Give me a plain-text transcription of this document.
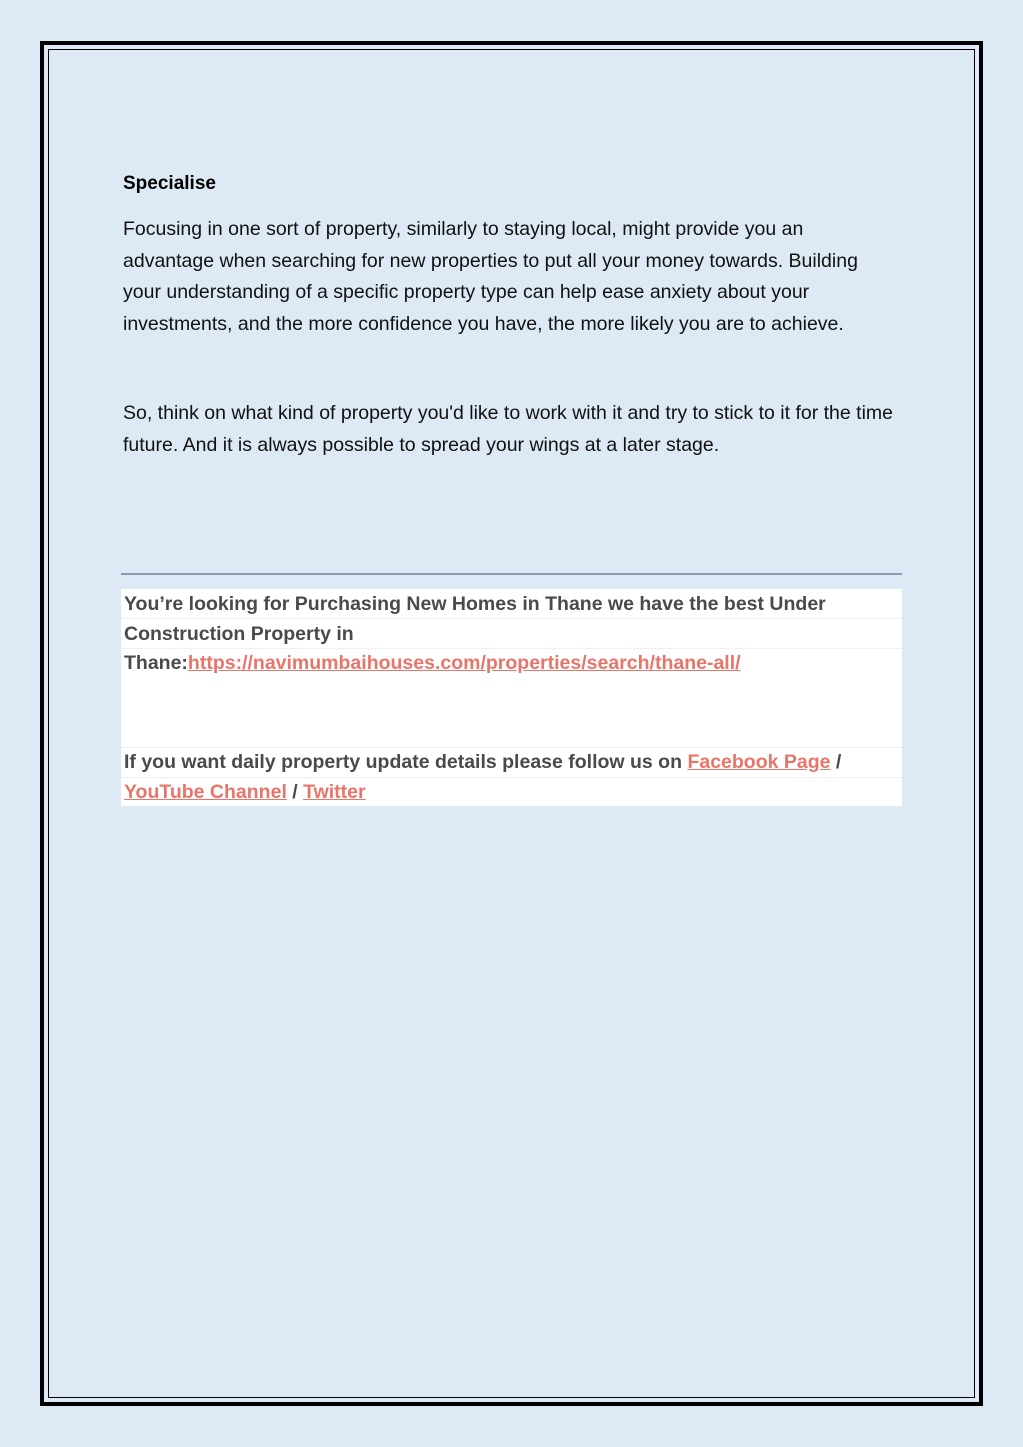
Specialise

Focusing in one sort of property, similarly to staying local, might provide you an advantage when searching for new properties to put all your money towards. Building your understanding of a specific property type can help ease anxiety about your investments, and the more confidence you have, the more likely you are to achieve.

So, think on what kind of property you'd like to work with it and try to stick to it for the time future. And it is always possible to spread your wings at a later stage.

You’re looking for Purchasing New Homes in Thane we have the best Under Construction Property in Thane:https://navimumbaihouses.com/properties/search/thane-all/
If you want daily property update details please follow us on Facebook Page / YouTube Channel / Twitter
